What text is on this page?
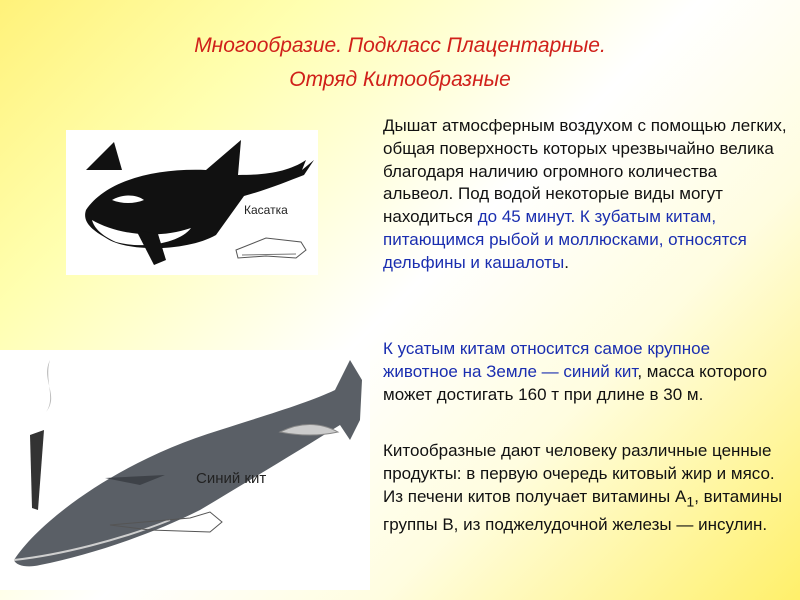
Многообразие. Подкласс Плацентарные.
Отряд Китообразные
Касатка
Синий кит
Дышат атмосферным воздухом с помощью легких, общая поверхность которых чрезвычайно велика благодаря наличию огромного количества альвеол. Под водой некоторые виды могут находиться до 45 минут. К зубатым китам, питающимся рыбой и моллюсками, относятся дельфины и кашалоты.
К усатым китам относится самое крупное животное на Земле — синий кит, масса которого может достигать 160 т при длине в 30 м.
Китообразные дают человеку различные ценные продукты: в первую очередь китовый жир и мясо. Из печени китов получает витамины $А_1$, витамины группы В, из поджелудочной железы — инсулин.
